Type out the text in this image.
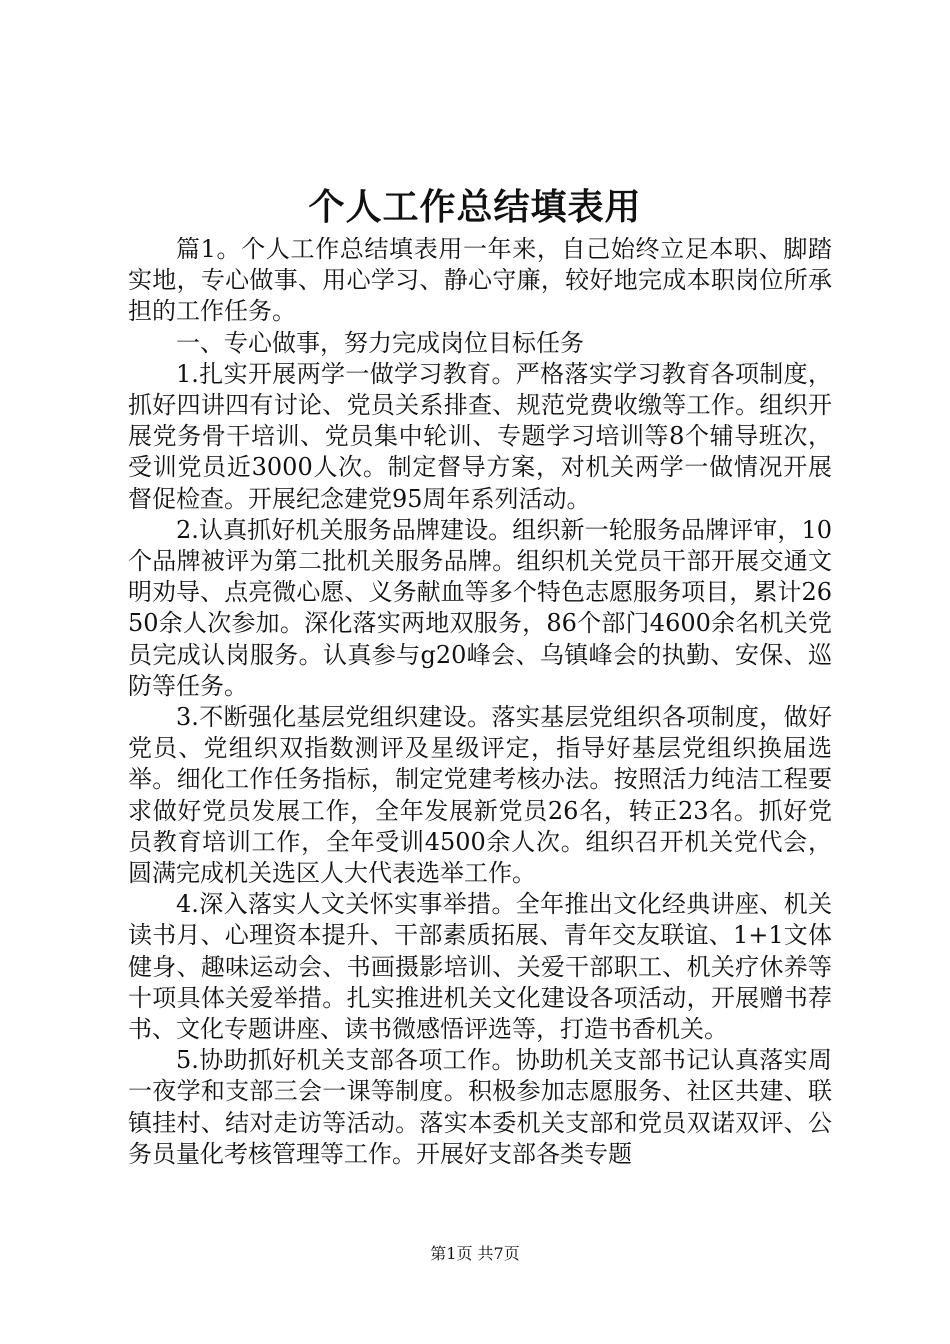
个人工作总结填表用

篇1。个人工作总结填表用一年来，自己始终立足本职、脚踏实地，专心做事、用心学习、静心守廉，较好地完成本职岗位所承担的工作任务。

一、专心做事，努力完成岗位目标任务

1.扎实开展两学一做学习教育。严格落实学习教育各项制度，抓好四讲四有讨论、党员关系排查、规范党费收缴等工作。组织开展党务骨干培训、党员集中轮训、专题学习培训等8个辅导班次，受训党员近3000人次。制定督导方案，对机关两学一做情况开展督促检查。开展纪念建党95周年系列活动。

2.认真抓好机关服务品牌建设。组织新一轮服务品牌评审，10个品牌被评为第二批机关服务品牌。组织机关党员干部开展交通文明劝导、点亮微心愿、义务献血等多个特色志愿服务项目，累计2650余人次参加。深化落实两地双服务，86个部门4600余名机关党员完成认岗服务。认真参与g20峰会、乌镇峰会的执勤、安保、巡防等任务。

3.不断强化基层党组织建设。落实基层党组织各项制度，做好党员、党组织双指数测评及星级评定，指导好基层党组织换届选举。细化工作任务指标，制定党建考核办法。按照活力纯洁工程要求做好党员发展工作，全年发展新党员26名，转正23名。抓好党员教育培训工作，全年受训4500余人次。组织召开机关党代会，圆满完成机关选区人大代表选举工作。

4.深入落实人文关怀实事举措。全年推出文化经典讲座、机关读书月、心理资本提升、干部素质拓展、青年交友联谊、1+1文体健身、趣味运动会、书画摄影培训、关爱干部职工、机关疗休养等十项具体关爱举措。扎实推进机关文化建设各项活动，开展赠书荐书、文化专题讲座、读书微感悟评选等，打造书香机关。

5.协助抓好机关支部各项工作。协助机关支部书记认真落实周一夜学和支部三会一课等制度。积极参加志愿服务、社区共建、联镇挂村、结对走访等活动。落实本委机关支部和党员双诺双评、公务员量化考核管理等工作。开展好支部各类专题

第1页 共7页
